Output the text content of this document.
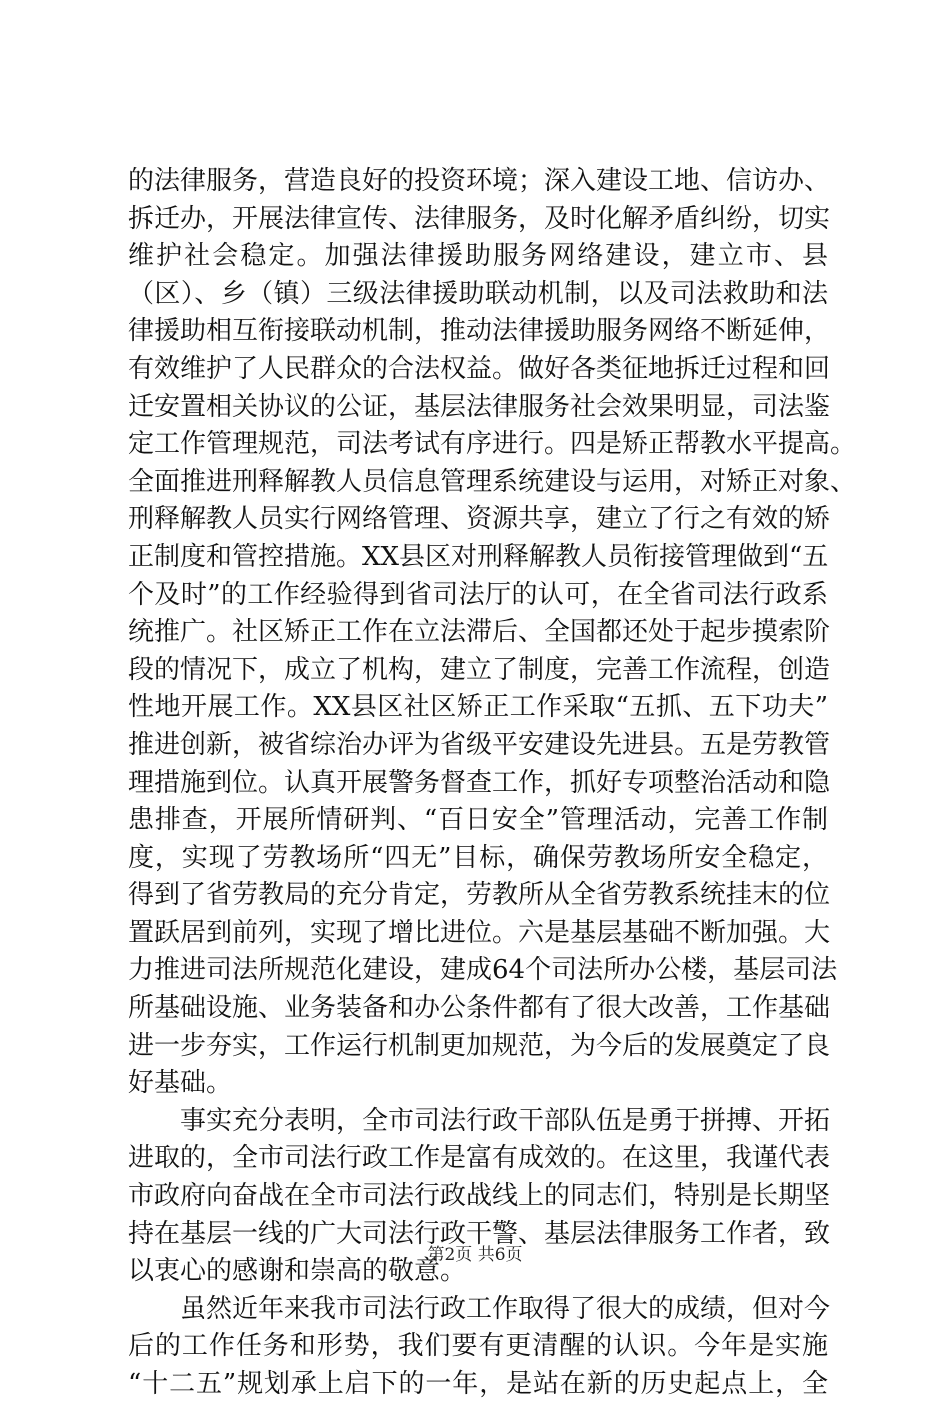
的法律服务，营造良好的投资环境；深入建设工地、信访办、
拆迁办，开展法律宣传、法律服务，及时化解矛盾纠纷，切实
维护社会稳定。加强法律援助服务网络建设，建立市、县
（区）、乡（镇）三级法律援助联动机制，以及司法救助和法
律援助相互衔接联动机制，推动法律援助服务网络不断延伸，
有效维护了人民群众的合法权益。做好各类征地拆迁过程和回
迁安置相关协议的公证，基层法律服务社会效果明显，司法鉴
定工作管理规范，司法考试有序进行。四是矫正帮教水平提高。
全面推进刑释解教人员信息管理系统建设与运用，对矫正对象、
刑释解教人员实行网络管理、资源共享，建立了行之有效的矫
正制度和管控措施。XX县区对刑释解教人员衔接管理做到“五
个及时”的工作经验得到省司法厅的认可，在全省司法行政系
统推广。社区矫正工作在立法滞后、全国都还处于起步摸索阶
段的情况下，成立了机构，建立了制度，完善工作流程，创造
性地开展工作。XX县区社区矫正工作采取“五抓、五下功夫”
推进创新，被省综治办评为省级平安建设先进县。五是劳教管
理措施到位。认真开展警务督查工作，抓好专项整治活动和隐
患排查，开展所情研判、“百日安全”管理活动，完善工作制
度，实现了劳教场所“四无”目标，确保劳教场所安全稳定，
得到了省劳教局的充分肯定，劳教所从全省劳教系统挂末的位
置跃居到前列，实现了增比进位。六是基层基础不断加强。大
力推进司法所规范化建设，建成64个司法所办公楼，基层司法
所基础设施、业务装备和办公条件都有了很大改善，工作基础
进一步夯实，工作运行机制更加规范，为今后的发展奠定了良
好基础。
　　事实充分表明，全市司法行政干部队伍是勇于拼搏、开拓
进取的，全市司法行政工作是富有成效的。在这里，我谨代表
市政府向奋战在全市司法行政战线上的同志们，特别是长期坚
持在基层一线的广大司法行政干警、基层法律服务工作者，致
以衷心的感谢和崇高的敬意。
　　虽然近年来我市司法行政工作取得了很大的成绩，但对今
后的工作任务和形势，我们要有更清醒的认识。今年是实施
“十二五”规划承上启下的一年，是站在新的历史起点上，全
第2页 共6页
